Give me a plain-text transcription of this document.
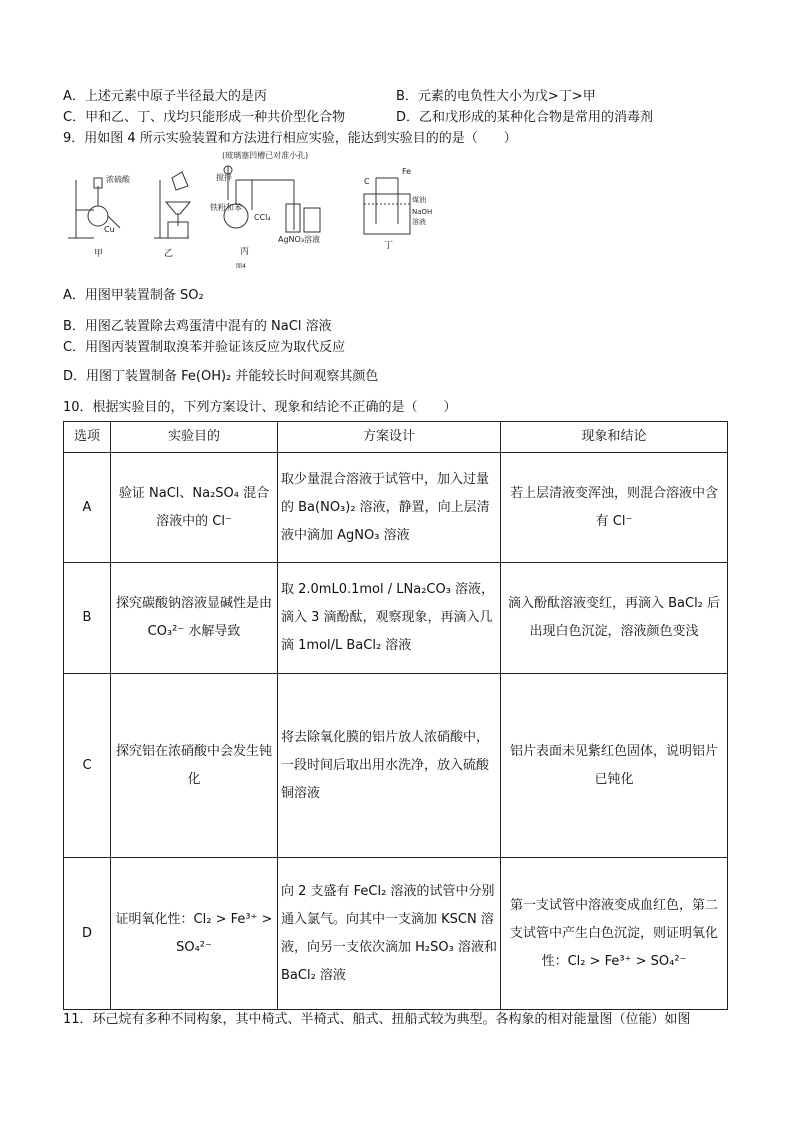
A．上述元素中原子半径最大的是丙	B．元素的电负性大小为戊>丁>甲
C．甲和乙、丁、戊均只能形成一种共价型化合物	D．乙和戊形成的某种化合物是常用的消毒剂
9．用如图 4 所示实验装置和方法进行相应实验，能达到实验目的的是（　　）
(玻璃塞凹槽已对准小孔)
浓硫酸
Cu
甲	乙
搅拌
铁粉和苯
CCl₄
AgNO₃溶液
丙
图4
C
Fe
煤油
NaOH
溶液
丁
A．用图甲装置制备 SO₂
B．用图乙装置除去鸡蛋清中混有的 NaCl 溶液
C．用图丙装置制取溴苯并验证该反应为取代反应
D．用图丁装置制备 Fe(OH)₂ 并能较长时间观察其颜色
10．根据实验目的，下列方案设计、现象和结论不正确的是（　　）
选项	实验目的	方案设计	现象和结论
A	验证 NaCl、Na₂SO₄ 混合溶液中的 Cl⁻	取少量混合溶液于试管中，加入过量的 Ba(NO₃)₂ 溶液，静置，向上层清液中滴加 AgNO₃ 溶液	若上层清液变浑浊，则混合溶液中含有 Cl⁻
B	探究碳酸钠溶液显碱性是由 CO₃²⁻ 水解导致	取 2.0mL0.1mol / LNa₂CO₃ 溶液，滴入 3 滴酚酞，观察现象，再滴入几滴 1mol/L BaCl₂ 溶液	滴入酚酞溶液变红，再滴入 BaCl₂ 后出现白色沉淀，溶液颜色变浅
C	探究铝在浓硝酸中会发生钝化	将去除氧化膜的铝片放人浓硝酸中，一段时间后取出用水洗净，放入硫酸铜溶液	铝片表面未见紫红色固体，说明铝片已钝化
D	证明氧化性：Cl₂ > Fe³⁺ > SO₄²⁻	向 2 支盛有 FeCl₂ 溶液的试管中分别通入氯气。向其中一支滴加 KSCN 溶液，向另一支依次滴加 H₂SO₃ 溶液和 BaCl₂ 溶液	第一支试管中溶液变成血红色，第二支试管中产生白色沉淀，则证明氧化性：Cl₂ > Fe³⁺ > SO₄²⁻
11．环己烷有多种不同构象，其中椅式、半椅式、船式、扭船式较为典型。各构象的相对能量图（位能）如图
